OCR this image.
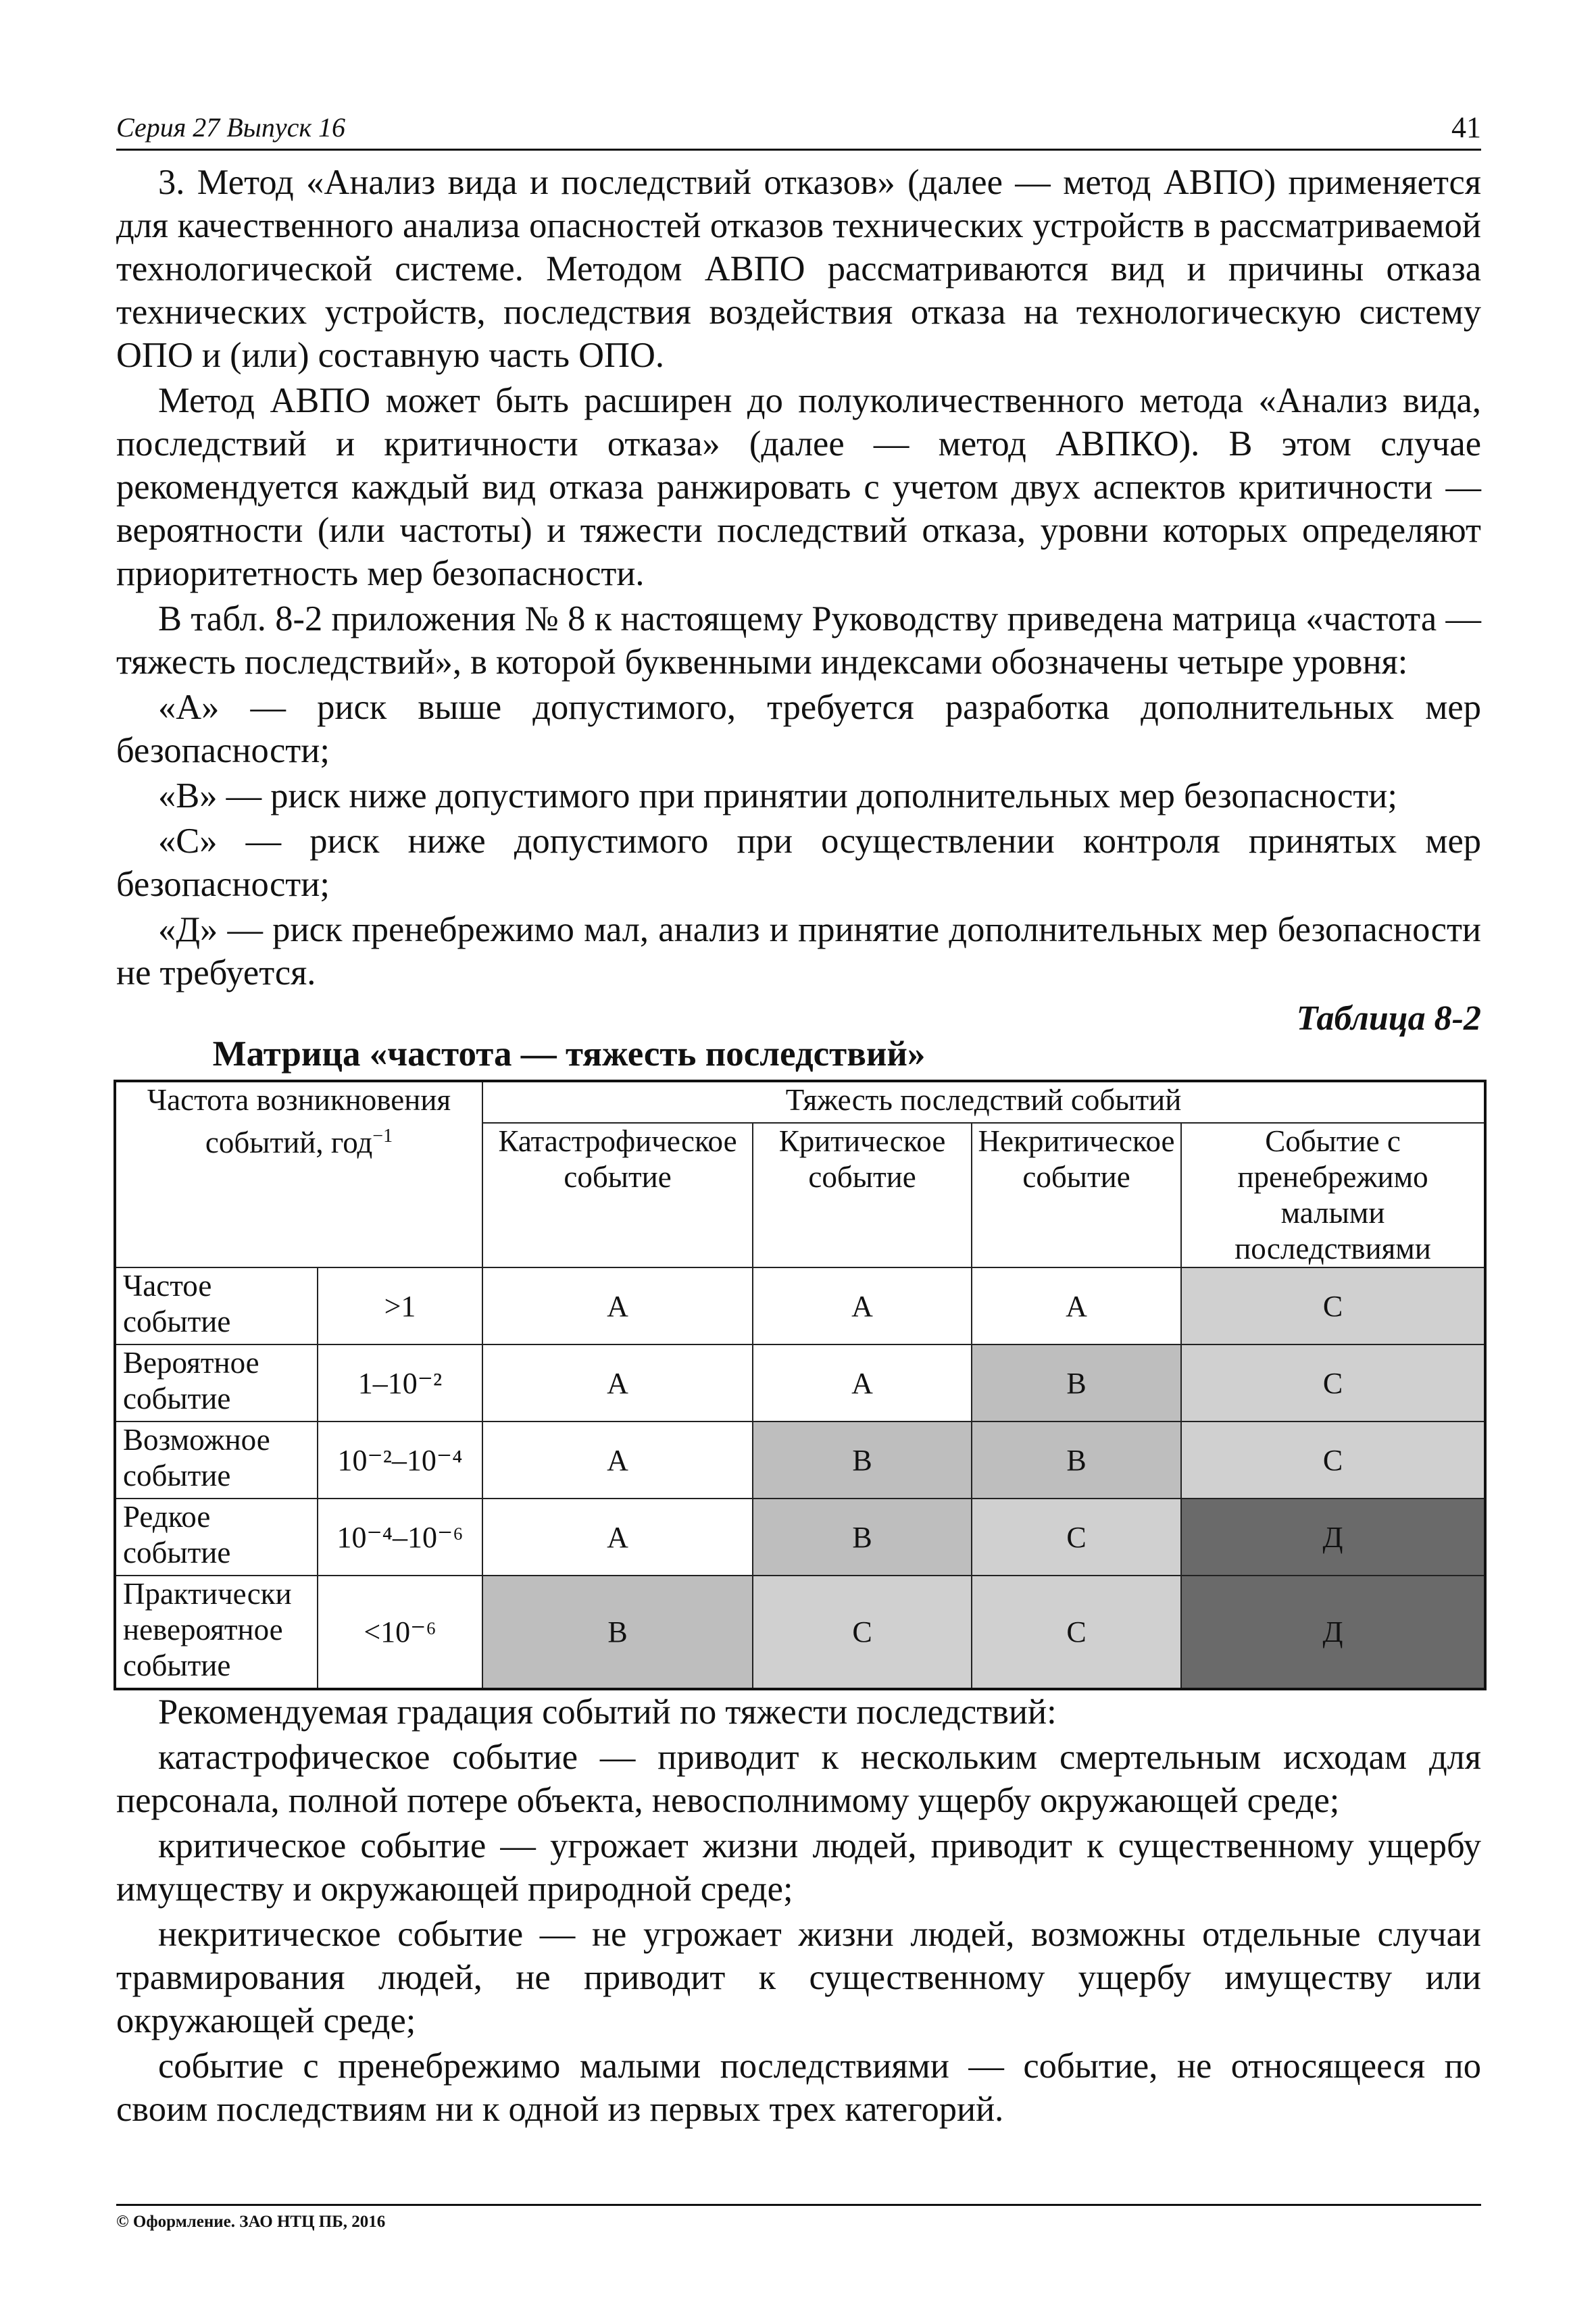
Серия 27 Выпуск 16	41

3. Метод «Анализ вида и последствий отказов» (далее — метод АВПО) применяется для качественного анализа опасностей отказов технических устройств в рассматриваемой технологической системе. Методом АВПО рассматриваются вид и причины отказа технических устройств, последствия воздействия отказа на технологическую систему ОПО и (или) составную часть ОПО.

Метод АВПО может быть расширен до полуколичественного метода «Анализ вида, последствий и критичности отказа» (далее — метод АВПКО). В этом случае рекомендуется каждый вид отказа ранжировать с учетом двух аспектов критичности — вероятности (или частоты) и тяжести последствий отказа, уровни которых определяют приоритетность мер безопасности.

В табл. 8-2 приложения № 8 к настоящему Руководству приведена матрица «частота —тяжесть последствий», в которой буквенными индексами обозначены четыре уровня:

«А» — риск выше допустимого, требуется разработка дополнительных мер безопасности;

«В» — риск ниже допустимого при принятии дополнительных мер безопасности;

«С» — риск ниже допустимого при осуществлении контроля принятых мер безопасности;

«Д» — риск пренебрежимо мал, анализ и принятие дополнительных мер безопасности не требуется.

Таблица 8-2
Матрица «частота — тяжесть последствий»
Частота возникновения событий, год$^{-1}$		Тяжесть последствий событий			
		Катастрофическое событие	Критическое событие	Некритическое событие	Событие с пренебрежимо малыми последствиями
Частое событие	>1	А	А	А	С
Вероятное событие	1–10⁻²	А	А	В	С
Возможное событие	10⁻²–10⁻⁴	А	В	В	С
Редкое событие	10⁻⁴–10⁻⁶	А	В	С	Д
Практически невероятное событие	<10⁻⁶	В	С	С	Д

Рекомендуемая градация событий по тяжести последствий:

катастрофическое событие — приводит к нескольким смертельным исходам для персонала, полной потере объекта, невосполнимому ущербу окружающей среде;

критическое событие — угрожает жизни людей, приводит к существенному ущербу имуществу и окружающей природной среде;

некритическое событие — не угрожает жизни людей, возможны отдельные случаи травмирования людей, не приводит к существенному ущербу имуществу или окружающей среде;

событие с пренебрежимо малыми последствиями — событие, не относящееся по своим последствиям ни к одной из первых трех категорий.

© Оформление. ЗАО НТЦ ПБ, 2016
